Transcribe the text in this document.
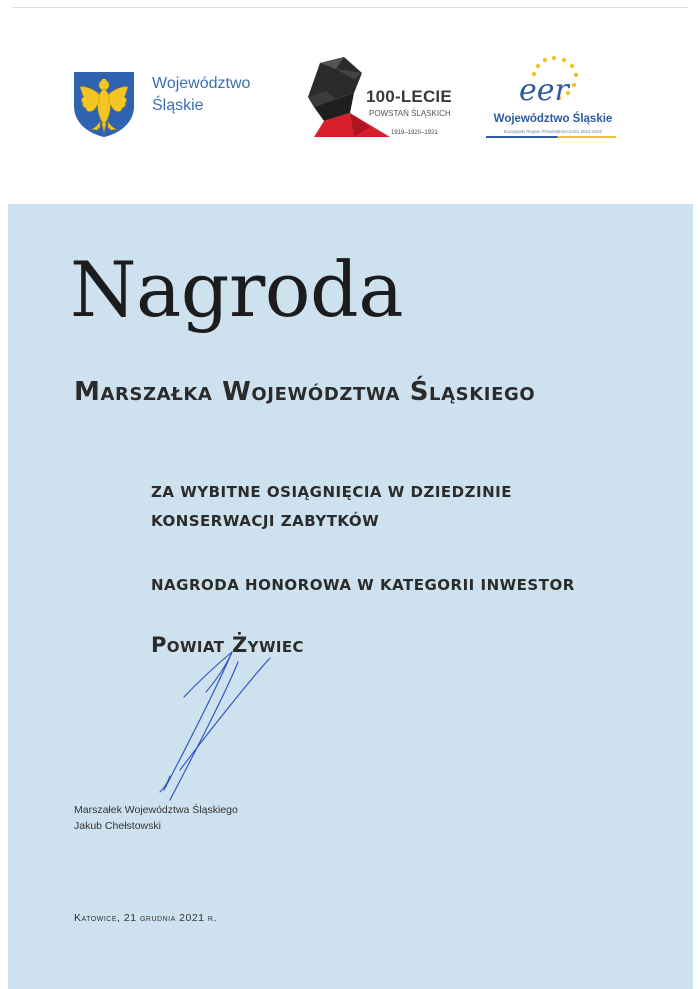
Województwo
Śląskie	100-LECIE
POWSTAŃ ŚLĄSKICH
1919–1920–1921
eer
Województwo Śląskie
Europejski Region Przedsiębiorczości 2021-2022
Nagroda
Marszałka Województwa Śląskiego
ZA WYBITNE OSIĄGNIĘCIA W DZIEDZINIE
KONSERWACJI ZABYTKÓW
NAGRODA HONOROWA W KATEGORII INWESTOR
Powiat Żywiec
Marszałek Województwa Śląskiego
Jakub Chełstowski
Katowice, 21 grudnia 2021 r.
